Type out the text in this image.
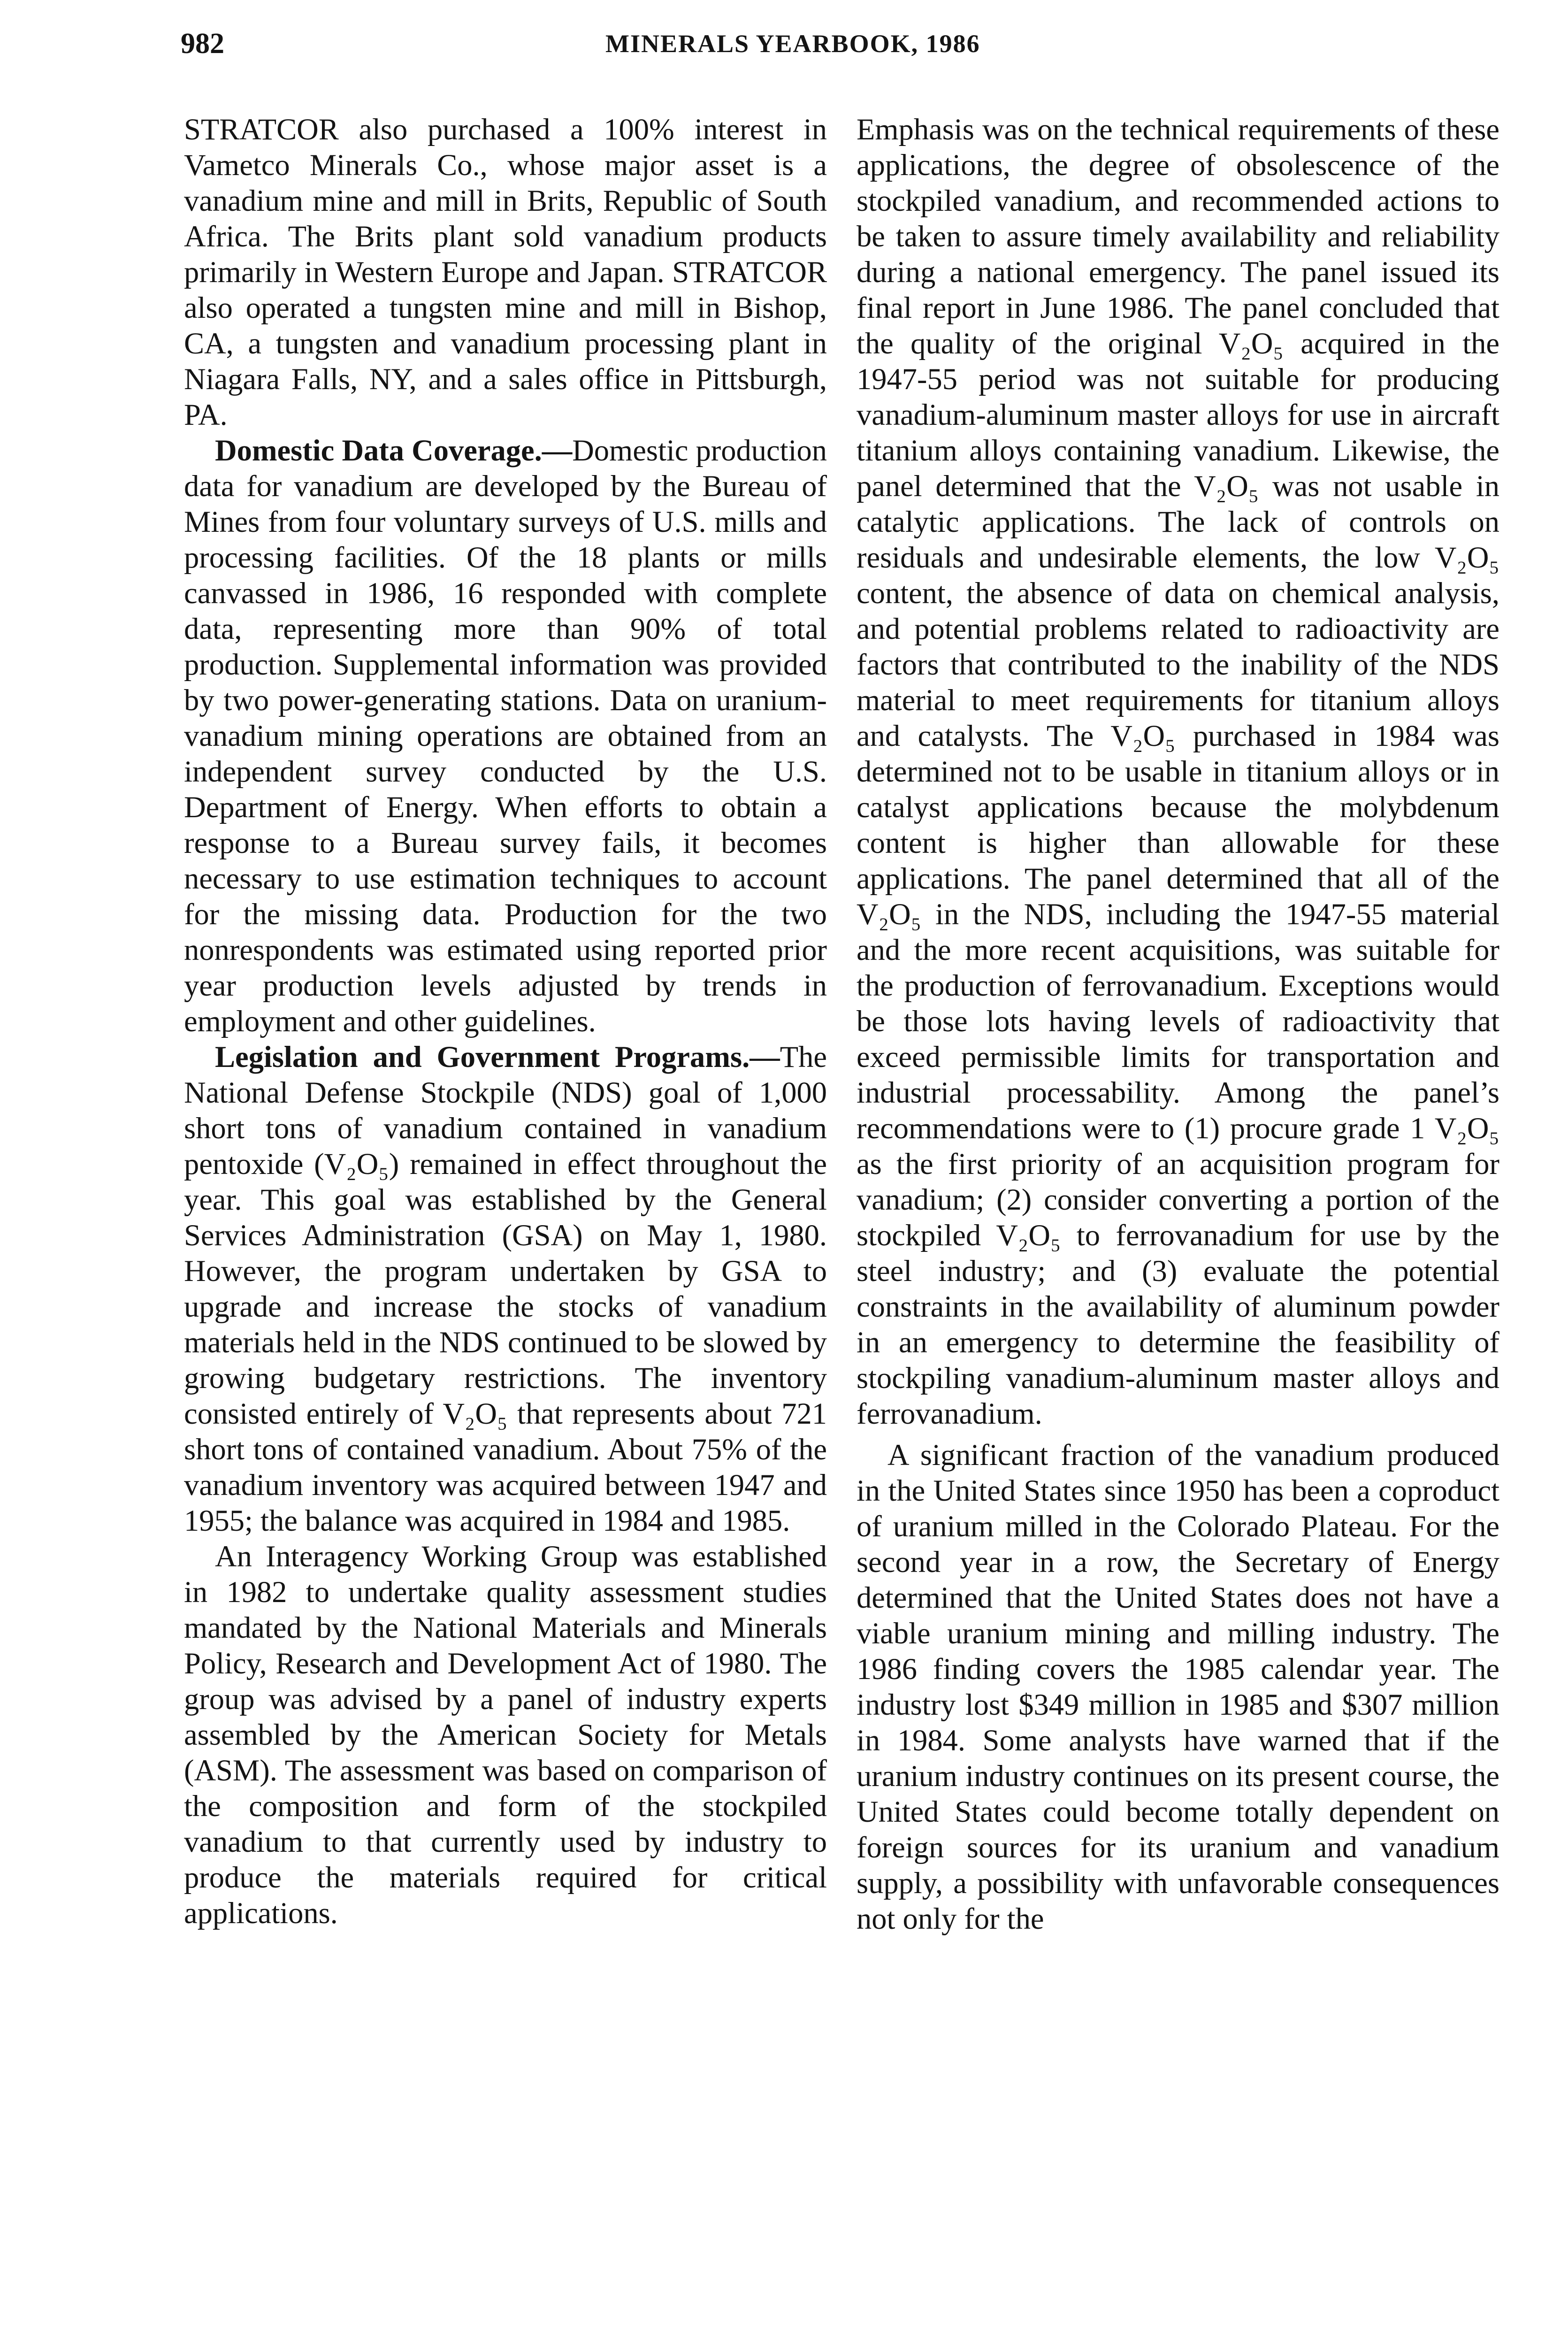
982	MINERALS YEARBOOK, 1986

STRATCOR also purchased a 100% interest in Vametco Minerals Co., whose major asset is a vanadium mine and mill in Brits, Republic of South Africa. The Brits plant sold vanadium products primarily in Western Europe and Japan. STRATCOR also operated a tungsten mine and mill in Bishop, CA, a tungsten and vanadium processing plant in Niagara Falls, NY, and a sales office in Pittsburgh, PA.

Domestic Data Coverage.—Domestic production data for vanadium are developed by the Bureau of Mines from four voluntary surveys of U.S. mills and processing facilities. Of the 18 plants or mills canvassed in 1986, 16 responded with complete data, representing more than 90% of total production. Supplemental information was provided by two power-generating stations. Data on uranium-vanadium mining operations are obtained from an independent survey conducted by the U.S. Department of Energy. When efforts to obtain a response to a Bureau survey fails, it becomes necessary to use estimation techniques to account for the missing data. Production for the two nonrespondents was estimated using reported prior year production levels adjusted by trends in employment and other guidelines.

Legislation and Government Programs.—The National Defense Stockpile (NDS) goal of 1,000 short tons of vanadium contained in vanadium pentoxide (V₂O₅) remained in effect throughout the year. This goal was established by the General Services Administration (GSA) on May 1, 1980. However, the program undertaken by GSA to upgrade and increase the stocks of vanadium materials held in the NDS continued to be slowed by growing budgetary restrictions. The inventory consisted entirely of V₂O₅ that represents about 721 short tons of contained vanadium. About 75% of the vanadium inventory was acquired between 1947 and 1955; the balance was acquired in 1984 and 1985.

An Interagency Working Group was established in 1982 to undertake quality assessment studies mandated by the National Materials and Minerals Policy, Research and Development Act of 1980. The group was advised by a panel of industry experts assembled by the American Society for Metals (ASM). The assessment was based on comparison of the composition and form of the stockpiled vanadium to that currently used by industry to produce the materials required for critical applications.

Emphasis was on the technical requirements of these applications, the degree of obsolescence of the stockpiled vanadium, and recommended actions to be taken to assure timely availability and reliability during a national emergency. The panel issued its final report in June 1986. The panel concluded that the quality of the original V₂O₅ acquired in the 1947-55 period was not suitable for producing vanadium-aluminum master alloys for use in aircraft titanium alloys containing vanadium. Likewise, the panel determined that the V₂O₅ was not usable in catalytic applications. The lack of controls on residuals and undesirable elements, the low V₂O₅ content, the absence of data on chemical analysis, and potential problems related to radioactivity are factors that contributed to the inability of the NDS material to meet requirements for titanium alloys and catalysts. The V₂O₅ purchased in 1984 was determined not to be usable in titanium alloys or in catalyst applications because the molybdenum content is higher than allowable for these applications. The panel determined that all of the V₂O₅ in the NDS, including the 1947-55 material and the more recent acquisitions, was suitable for the production of ferrovanadium. Exceptions would be those lots having levels of radioactivity that exceed permissible limits for transportation and industrial processability. Among the panel’s recommendations were to (1) procure grade 1 V₂O₅ as the first priority of an acquisition program for vanadium; (2) consider converting a portion of the stockpiled V₂O₅ to ferrovanadium for use by the steel industry; and (3) evaluate the potential constraints in the availability of aluminum powder in an emergency to determine the feasibility of stockpiling vanadium-aluminum master alloys and ferrovanadium.

A significant fraction of the vanadium produced in the United States since 1950 has been a coproduct of uranium milled in the Colorado Plateau. For the second year in a row, the Secretary of Energy determined that the United States does not have a viable uranium mining and milling industry. The 1986 finding covers the 1985 calendar year. The industry lost $349 million in 1985 and $307 million in 1984. Some analysts have warned that if the uranium industry continues on its present course, the United States could become totally dependent on foreign sources for its uranium and vanadium supply, a possibility with unfavorable consequences not only for the
